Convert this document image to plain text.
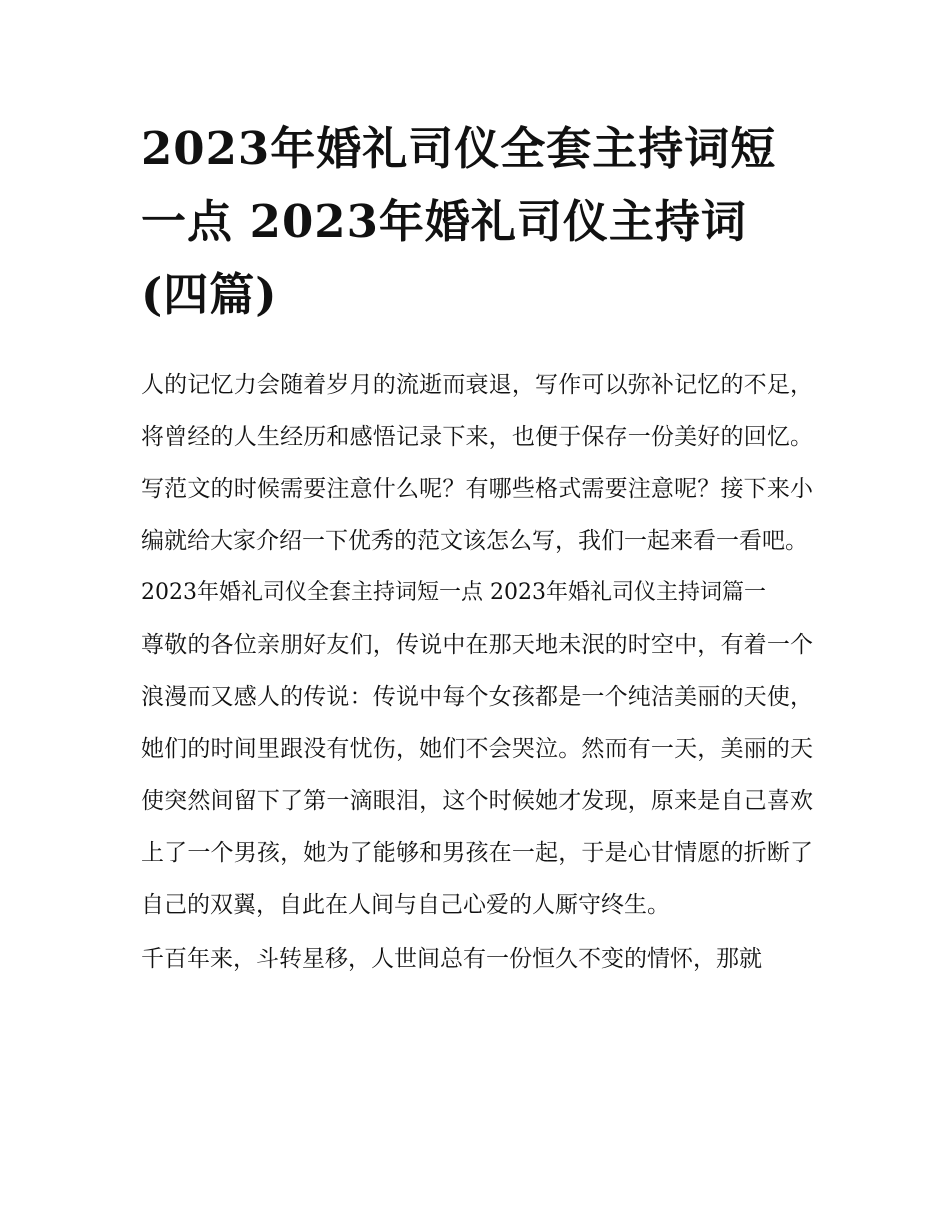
2023年婚礼司仪全套主持词短一点 2023年婚礼司仪主持词(四篇)

人的记忆力会随着岁月的流逝而衰退，写作可以弥补记忆的不足，将曾经的人生经历和感悟记录下来，也便于保存一份美好的回忆。写范文的时候需要注意什么呢？有哪些格式需要注意呢？接下来小编就给大家介绍一下优秀的范文该怎么写，我们一起来看一看吧。

2023年婚礼司仪全套主持词短一点 2023年婚礼司仪主持词篇一

尊敬的各位亲朋好友们，传说中在那天地未泯的时空中，有着一个浪漫而又感人的传说：传说中每个女孩都是一个纯洁美丽的天使，她们的时间里跟没有忧伤，她们不会哭泣。然而有一天，美丽的天使突然间留下了第一滴眼泪，这个时候她才发现，原来是自己喜欢上了一个男孩，她为了能够和男孩在一起，于是心甘情愿的折断了自己的双翼，自此在人间与自己心爱的人厮守终生。

千百年来，斗转星移，人世间总有一份恒久不变的情怀，那就
